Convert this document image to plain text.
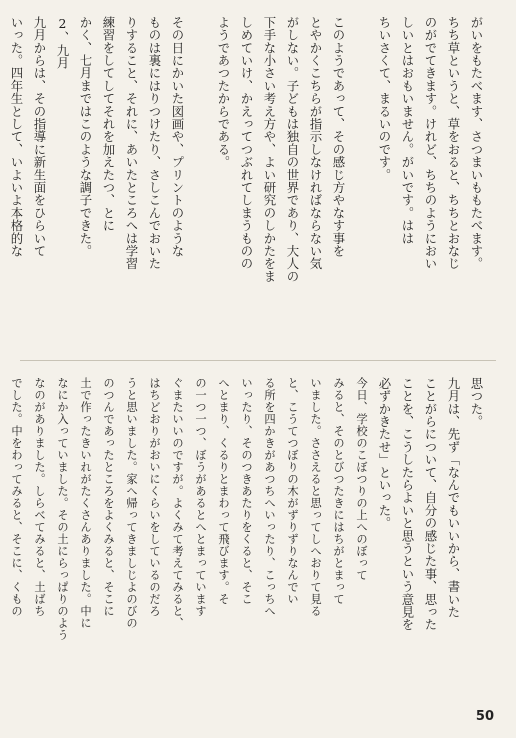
がいをもたべます、さつまいももたべます。
ちち草というと、草をおると、ちちとおなじ
のがでてきます。けれど、ちちのようにおい
しいとはおもいません。がいです。はは
ちいさくて、まるいのです。

このようであって、その感じ方やなす事を
とやかくこちらが指示しなければならない気
がしない。子どもは独自の世界であり、大人の
下手な小さい考え方や、よい研究のしかたをま
しめていけ、かえってつぶれてしまうものの
ようであつたからである。

その日にかいた図画や、プリントのような
ものは裏にはりつけたり、さしこんでおいた
りすること、それに、あいたところへは学習
練習をしてしてそれを加えたつ、とに
かく、七月まではこのような調子できた。
2、九月
九月からは、その指導に新生面をひらいて
いった。四年生として、いよいよ本格的な
思つた。
九月は、先ず「なんでもいいから、書いた
ことがらについて、自分の感じた事、思った
ことを、こうしたらよいと思うという意見を
必ずかきたせ」といった。
今日、学校のこぼつりの上へのぼって
みると、そのとびつたきにはちがとまって
いました。ささえると思ってしへおりて見る
と、こうてつぼりの木がずりずりなんでい
る所を四かきがあつちへいったり、こっちへ
いったり、そのつきあたりをくると、そこ
へとまり、くるりとまわって飛びます。そ
の一つ一つ、ぼうがあるとへとまっています
ぐまたいいのですが。よくみて考えてみると、
はちどおりがおいにくらいをしているのだろ
うと思いました。家へ帰ってきましじよのびの
のつんであったところをよくみると、そこに
土で作ったきいれがたくさんありました。中に
なにか入っていました。その土にらっぱりのよう
なのがありました。しらべてみると、土ばち
でした。中をわってみると、そこに、くもの

50
